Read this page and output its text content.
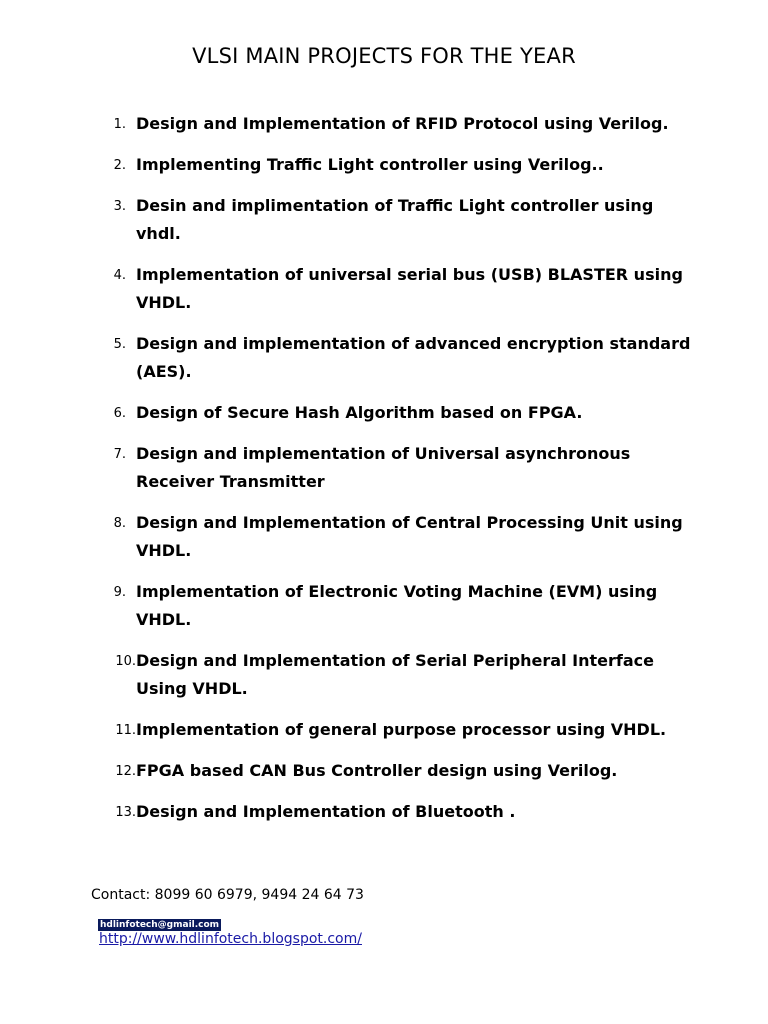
VLSI MAIN PROJECTS FOR THE YEAR
1. Design and Implementation of RFID Protocol using Verilog.
2. Implementing Traffic Light controller using Verilog..
3. Desin and implimentation of Traffic Light controller using vhdl.
4. Implementation of universal serial bus (USB) BLASTER using VHDL.
5. Design and implementation of advanced encryption standard (AES).
6. Design of Secure Hash Algorithm based on FPGA.
7. Design and implementation of Universal asynchronous Receiver Transmitter
8. Design and Implementation of Central Processing Unit using VHDL.
9. Implementation of Electronic Voting Machine (EVM) using VHDL.
10. Design and Implementation of Serial Peripheral Interface Using VHDL.
11. Implementation of general purpose processor using VHDL.
12. FPGA based CAN Bus Controller design using Verilog.
13. Design and Implementation of Bluetooth .
Contact: 8099 60 6979, 9494 24 64 73
hdlinfotech@gmail.com
http://www.hdlinfotech.blogspot.com/
